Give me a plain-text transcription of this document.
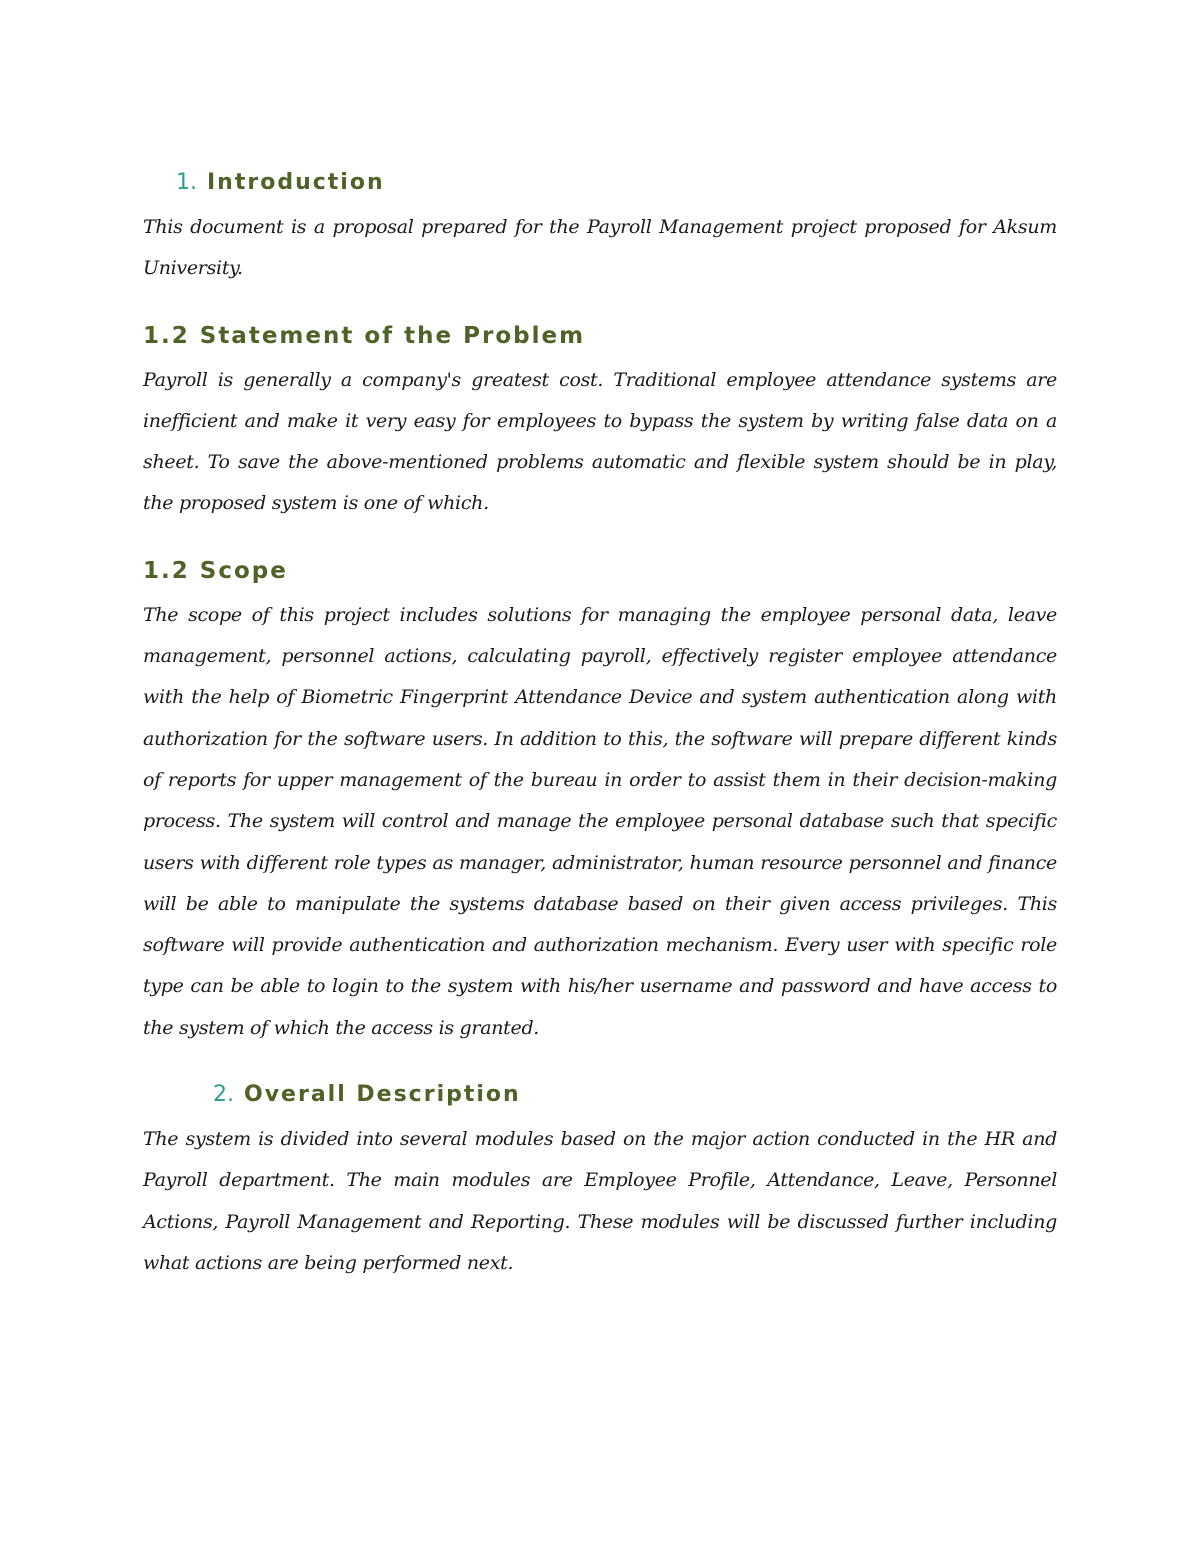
1. Introduction

This document is a proposal prepared for the Payroll Management project proposed for Aksum University.

1.2 Statement of the Problem

Payroll is generally a company's greatest cost. Traditional employee attendance systems are inefficient and make it very easy for employees to bypass the system by writing false data on a sheet. To save the above-mentioned problems automatic and flexible system should be in play, the proposed system is one of which.

1.2 Scope

The scope of this project includes solutions for managing the employee personal data, leave management, personnel actions, calculating payroll, effectively register employee attendance with the help of Biometric Fingerprint Attendance Device and system authentication along with authorization for the software users. In addition to this, the software will prepare different kinds of reports for upper management of the bureau in order to assist them in their decision-making process. The system will control and manage the employee personal database such that specific users with different role types as manager, administrator, human resource personnel and finance will be able to manipulate the systems database based on their given access privileges. This software will provide authentication and authorization mechanism. Every user with specific role type can be able to login to the system with his/her username and password and have access to the system of which the access is granted.

2. Overall Description

The system is divided into several modules based on the major action conducted in the HR and Payroll department. The main modules are Employee Profile, Attendance, Leave, Personnel Actions, Payroll Management and Reporting. These modules will be discussed further including what actions are being performed next.
